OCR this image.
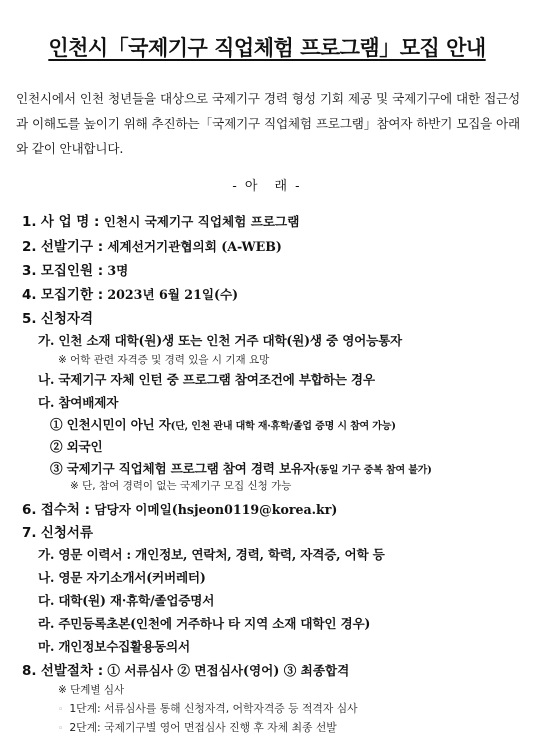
인천시「국제기구 직업체험 프로그램」모집 안내
인천시에서 인천 청년들을 대상으로 국제기구 경력 형성 기회 제공 및 국제기구에 대한 접근성과 이해도를 높이기 위해 추진하는「국제기구 직업체험 프로그램」참여자 하반기 모집을 아래와 같이 안내합니다.
- 아　래 -
1. 사 업 명 : 인천시 국제기구 직업체험 프로그램
2. 선발기구 : 세계선거기관협의회 (A-WEB)
3. 모집인원 : 3명
4. 모집기한 : 2023년 6월 21일(수)
5. 신청자격
가. 인천 소재 대학(원)생 또는 인천 거주 대학(원)생 중 영어능통자
※ 어학 관련 자격증 및 경력 있을 시 기재 요망
나. 국제기구 자체 인턴 중 프로그램 참여조건에 부합하는 경우
다. 참여배제자
① 인천시민이 아닌 자(단, 인천 관내 대학 재·휴학/졸업 증명 시 참여 가능)
② 외국인
③ 국제기구 직업체험 프로그램 참여 경력 보유자(동일 기구 중복 참여 불가)
※ 단, 참여 경력이 없는 국제기구 모집 신청 가능
6. 접수처 : 담당자 이메일(hsjeon0119@korea.kr)
7. 신청서류
가. 영문 이력서 : 개인정보, 연락처, 경력, 학력, 자격증, 어학 등
나. 영문 자기소개서(커버레터)
다. 대학(원) 재·휴학/졸업증명서
라. 주민등록초본(인천에 거주하나 타 지역 소재 대학인 경우)
마. 개인정보수집활용동의서
8. 선발절차 : ① 서류심사 ② 면접심사(영어) ③ 최종합격
※ 단계별 심사
◦ 1단계: 서류심사를 통해 신청자격, 어학자격증 등 적격자 심사
◦ 2단계: 국제기구별 영어 면접심사 진행 후 자체 최종 선발
